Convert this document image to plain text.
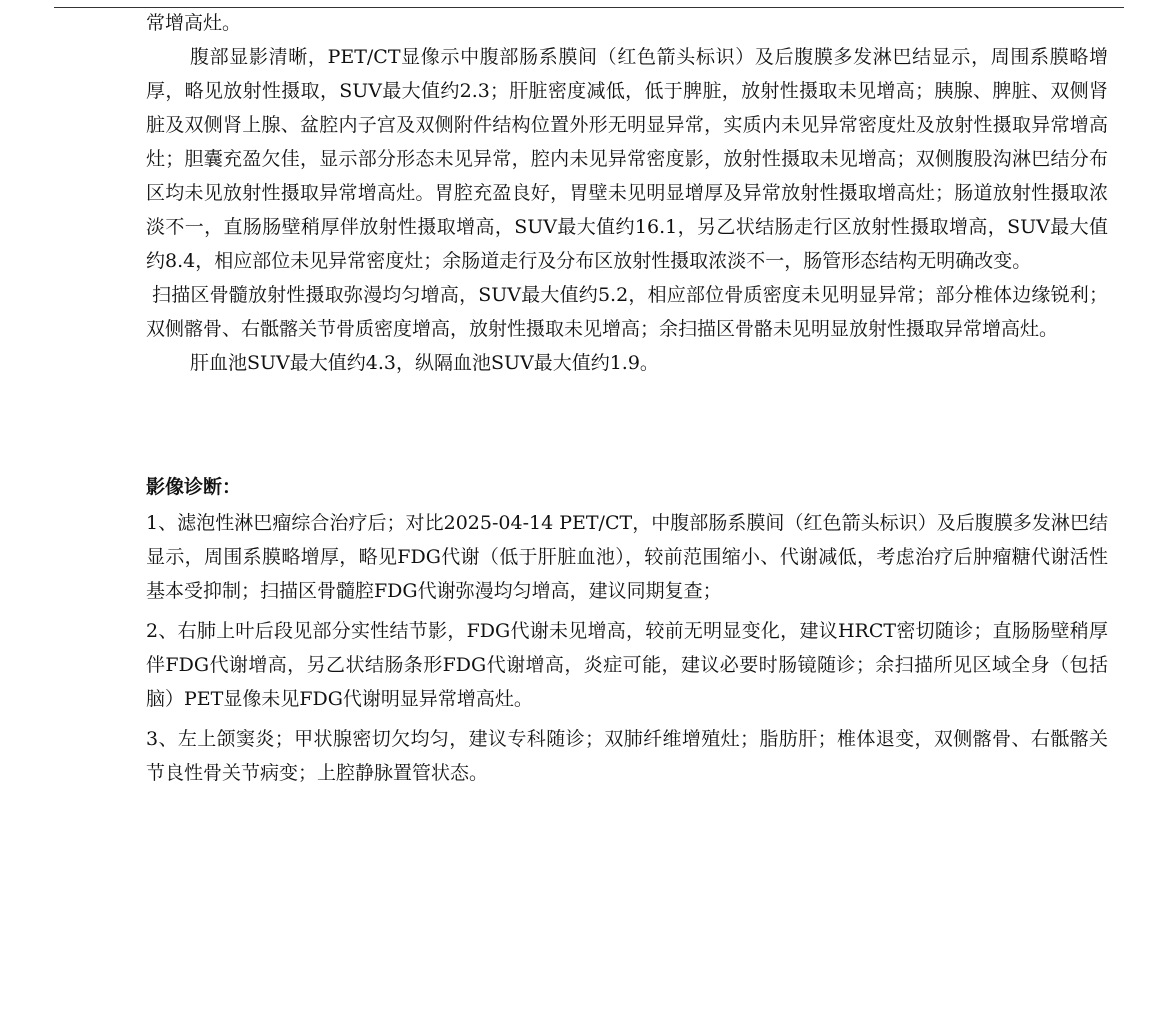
常增高灶。

腹部显影清晰，PET/CT显像示中腹部肠系膜间（红色箭头标识）及后腹膜多发淋巴结显示，周围系膜略增厚，略见放射性摄取，SUV最大值约2.3；肝脏密度减低，低于脾脏，放射性摄取未见增高；胰腺、脾脏、双侧肾脏及双侧肾上腺、盆腔内子宫及双侧附件结构位置外形无明显异常，实质内未见异常密度灶及放射性摄取异常增高灶；胆囊充盈欠佳，显示部分形态未见异常，腔内未见异常密度影，放射性摄取未见增高；双侧腹股沟淋巴结分布区均未见放射性摄取异常增高灶。胃腔充盈良好，胃壁未见明显增厚及异常放射性摄取增高灶；肠道放射性摄取浓淡不一，直肠肠壁稍厚伴放射性摄取增高，SUV最大值约16.1，另乙状结肠走行区放射性摄取增高，SUV最大值约8.4，相应部位未见异常密度灶；余肠道走行及分布区放射性摄取浓淡不一，肠管形态结构无明确改变。

扫描区骨髓放射性摄取弥漫均匀增高，SUV最大值约5.2，相应部位骨质密度未见明显异常；部分椎体边缘锐利；双侧髂骨、右骶髂关节骨质密度增高，放射性摄取未见增高；余扫描区骨骼未见明显放射性摄取异常增高灶。

肝血池SUV最大值约4.3，纵隔血池SUV最大值约1.9。

影像诊断：

1、滤泡性淋巴瘤综合治疗后；对比2025-04-14 PET/CT，中腹部肠系膜间（红色箭头标识）及后腹膜多发淋巴结显示，周围系膜略增厚，略见FDG代谢（低于肝脏血池），较前范围缩小、代谢减低，考虑治疗后肿瘤糖代谢活性基本受抑制；扫描区骨髓腔FDG代谢弥漫均匀增高，建议同期复查；

2、右肺上叶后段见部分实性结节影，FDG代谢未见增高，较前无明显变化，建议HRCT密切随诊；直肠肠壁稍厚伴FDG代谢增高，另乙状结肠条形FDG代谢增高，炎症可能，建议必要时肠镜随诊；余扫描所见区域全身（包括脑）PET显像未见FDG代谢明显异常增高灶。

3、左上颌窦炎；甲状腺密切欠均匀，建议专科随诊；双肺纤维增殖灶；脂肪肝；椎体退变，双侧髂骨、右骶髂关节良性骨关节病变；上腔静脉置管状态。
